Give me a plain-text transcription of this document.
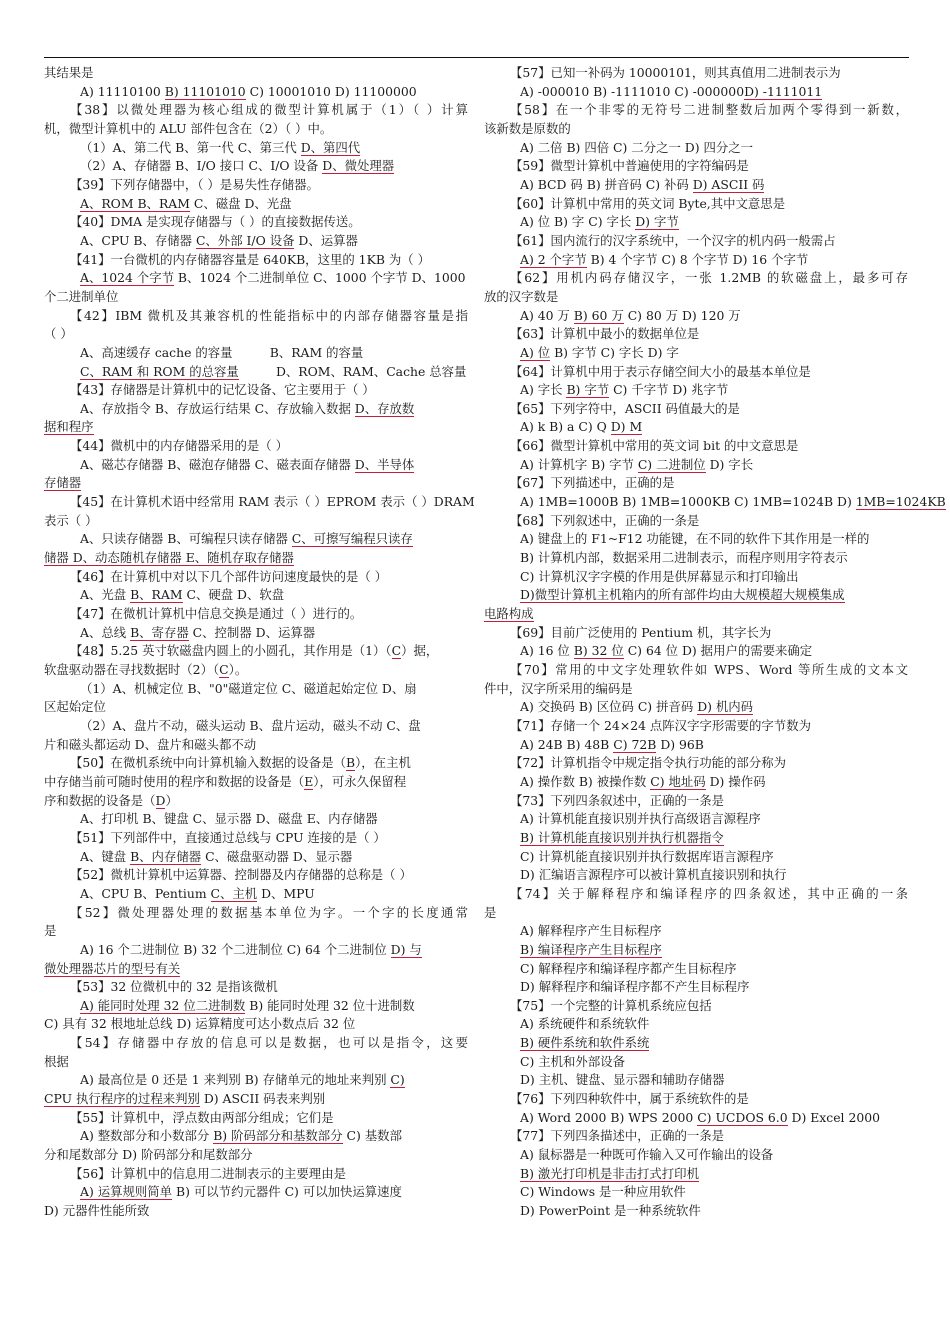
其结果是
A) 11110100 B) 11101010 C) 10001010 D) 11100000
【38】以微处理器为核心组成的微型计算机属于（1）（ ）计算
机，微型计算机中的 ALU 部件包含在（2）（ ）中。
（1）A、第二代 B、第一代 C、第三代 D、第四代
（2）A、存储器 B、I/O 接口 C、I/O 设备 D、微处理器
【39】下列存储器中，（ ）是易失性存储器。
A、ROM B、RAM C、磁盘 D、光盘
【40】DMA 是实现存储器与（ ）的直接数据传送。
A、CPU B、存储器 C、外部 I/O 设备 D、运算器
【41】一台微机的内存储器容量是 640KB，这里的 1KB 为（ ）
A、1024 个字节 B、1024 个二进制单位 C、1000 个字节 D、1000
个二进制单位
【42】IBM 微机及其兼容机的性能指标中的内部存储器容量是指
（ ）
A、高速缓存 cache 的容量　　　B、RAM 的容量
C、RAM 和 ROM 的总容量　　　D、ROM、RAM、Cache 总容量
【43】存储器是计算机中的记忆设备、它主要用于（ ）
A、存放指令 B、存放运行结果 C、存放输入数据 D、存放数
据和程序
【44】微机中的内存储器采用的是（ ）
A、磁芯存储器 B、磁泡存储器 C、磁表面存储器 D、半导体
存储器
【45】在计算机术语中经常用 RAM 表示（ ）EPROM 表示（ ）DRAM
表示（ ）
A、只读存储器 B、可编程只读存储器 C、可擦写编程只读存
储器 D、动态随机存储器 E、随机存取存储器
【46】在计算机中对以下几个部件访问速度最快的是（ ）
A、光盘 B、RAM C、硬盘 D、软盘
【47】在微机计算机中信息交换是通过（ ）进行的。
A、总线 B、寄存器 C、控制器 D、运算器
【48】5.25 英寸软磁盘内圆上的小圆孔，其作用是（1）（C）据，
软盘驱动器在寻找数据时（2）（C）。
（1）A、机械定位 B、"0"磁道定位 C、磁道起始定位 D、扇
区起始定位
（2）A、盘片不动，磁头运动 B、盘片运动，磁头不动 C、盘
片和磁头都运动 D、盘片和磁头都不动
【50】在微机系统中向计算机输入数据的设备是（B），在主机
中存储当前可随时使用的程序和数据的设备是（E），可永久保留程
序和数据的设备是（D）
A、打印机 B、键盘 C、显示器 D、磁盘 E、内存储器
【51】下列部件中，直接通过总线与 CPU 连接的是（ ）
A、键盘 B、内存储器 C、磁盘驱动器 D、显示器
【52】微机计算机中运算器、控制器及内存储器的总称是（ ）
A、CPU B、Pentium C、主机 D、MPU
【52】微处理器处理的数据基本单位为字。一个字的长度通常
是
A) 16 个二进制位 B) 32 个二进制位 C) 64 个二进制位 D) 与
微处理器芯片的型号有关
【53】32 位微机中的 32 是指该微机
A) 能同时处理 32 位二进制数 B) 能同时处理 32 位十进制数
C) 具有 32 根地址总线 D) 运算精度可达小数点后 32 位
【54】存储器中存放的信息可以是数据，也可以是指令，这要
根据
A) 最高位是 0 还是 1 来判别 B) 存储单元的地址来判别 C)
CPU 执行程序的过程来判别 D) ASCII 码表来判别
【55】计算机中，浮点数由两部分组成；它们是
A) 整数部分和小数部分 B) 阶码部分和基数部分 C) 基数部
分和尾数部分 D) 阶码部分和尾数部分
【56】计算机中的信息用二进制表示的主要理由是
A) 运算规则简单 B) 可以节约元器件 C) 可以加快运算速度
D) 元器件性能所致
【57】已知一补码为 10000101，则其真值用二进制表示为
A) -000010 B) -1111010 C) -000000D) -1111011
【58】在一个非零的无符号二进制整数后加两个零得到一新数，
该新数是原数的
A) 二倍 B) 四倍 C) 二分之一 D) 四分之一
【59】微型计算机中普遍使用的字符编码是
A) BCD 码 B) 拼音码 C) 补码 D) ASCII 码
【60】计算机中常用的英文词 Byte,其中文意思是
A) 位 B) 字 C) 字长 D) 字节
【61】国内流行的汉字系统中，一个汉字的机内码一般需占
A) 2 个字节 B) 4 个字节 C) 8 个字节 D) 16 个字节
【62】用机内码存储汉字，一张 1.2MB 的软磁盘上，最多可存
放的汉字数是
A) 40 万 B) 60 万 C) 80 万 D) 120 万
【63】计算机中最小的数据单位是
A) 位 B) 字节 C) 字长 D) 字
【64】计算机中用于表示存储空间大小的最基本单位是
A) 字长 B) 字节 C) 千字节 D) 兆字节
【65】下列字符中，ASCII 码值最大的是
A) k B) a C) Q D) M
【66】微型计算机中常用的英文词 bit 的中文意思是
A) 计算机字 B) 字节 C) 二进制位 D) 字长
【67】下列描述中，正确的是
A) 1MB=1000B B) 1MB=1000KB C) 1MB=1024B D) 1MB=1024KB
【68】下列叙述中，正确的一条是
A) 键盘上的 F1~F12 功能键，在不同的软件下其作用是一样的
B) 计算机内部，数据采用二进制表示，而程序则用字符表示
C) 计算机汉字字模的作用是供屏幕显示和打印输出
D)微型计算机主机箱内的所有部件均由大规模超大规模集成
电路构成
【69】目前广泛使用的 Pentium 机，其字长为
A) 16 位 B) 32 位 C) 64 位 D) 据用户的需要来确定
【70】常用的中文字处理软件如 WPS、Word 等所生成的文本文
件中，汉字所采用的编码是
A) 交换码 B) 区位码 C) 拼音码 D) 机内码
【71】存储一个 24×24 点阵汉字字形需要的字节数为
A) 24B B) 48B C) 72B D) 96B
【72】计算机指令中规定指令执行功能的部分称为
A) 操作数 B) 被操作数 C) 地址码 D) 操作码
【73】下列四条叙述中，正确的一条是
A) 计算机能直接识别并执行高级语言源程序
B) 计算机能直接识别并执行机器指令
C) 计算机能直接识别并执行数据库语言源程序
D) 汇编语言源程序可以被计算机直接识别和执行
【74】关于解释程序和编译程序的四条叙述，其中正确的一条
是
A) 解释程序产生目标程序
B) 编译程序产生目标程序
C) 解释程序和编译程序都产生目标程序
D) 解释程序和编译程序都不产生目标程序
【75】一个完整的计算机系统应包括
A) 系统硬件和系统软件
B) 硬件系统和软件系统
C) 主机和外部设备
D) 主机、键盘、显示器和辅助存储器
【76】下列四种软件中，属于系统软件的是
A) Word 2000 B) WPS 2000 C) UCDOS 6.0 D) Excel 2000
【77】下列四条描述中，正确的一条是
A) 鼠标器是一种既可作输入又可作输出的设备
B) 激光打印机是非击打式打印机
C) Windows 是一种应用软件
D) PowerPoint 是一种系统软件
